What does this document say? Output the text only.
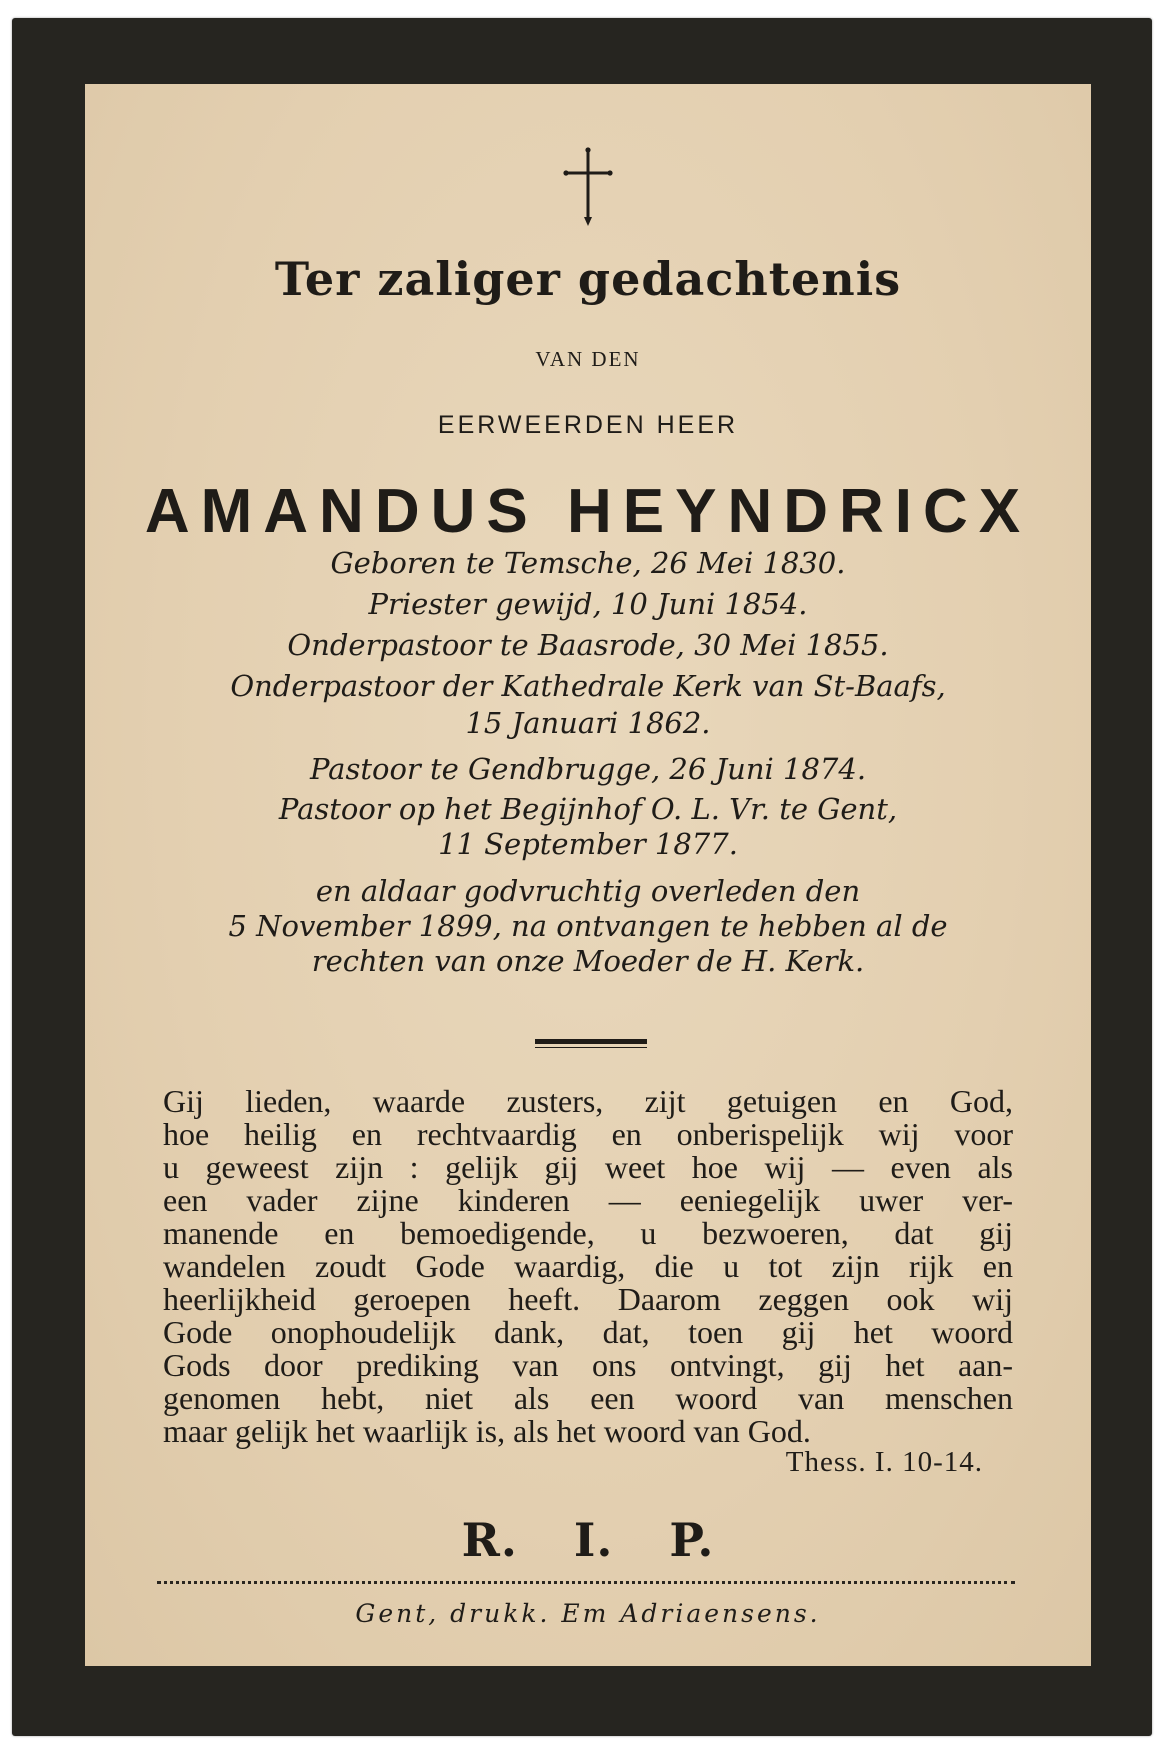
Ter zaliger gedachtenis

VAN DEN

EERWEERDEN HEER

AMANDUS HEYNDRICX

Geboren te Temsche, 26 Mei 1830.

Priester gewijd, 10 Juni 1854.

Onderpastoor te Baasrode, 30 Mei 1855.

Onderpastoor der Kathedrale Kerk van St-Baafs,

15 Januari 1862.

Pastoor te Gendbrugge, 26 Juni 1874.

Pastoor op het Begijnhof O. L. Vr. te Gent,

11 September 1877.

en aldaar godvruchtig overleden den

5 November 1899, na ontvangen te hebben al de

rechten van onze Moeder de H. Kerk.

Gij lieden, waarde zusters, zijt getuigen en God,

hoe heilig en rechtvaardig en onberispelijk wij voor

u geweest zijn : gelijk gij weet hoe wij — even als

een vader zijne kinderen — eeniegelijk uwer ver-

manende en bemoedigende, u bezwoeren, dat gij

wandelen zoudt Gode waardig, die u tot zijn rijk en

heerlijkheid geroepen heeft. Daarom zeggen ook wij

Gode onophoudelijk dank, dat, toen gij het woord

Gods door prediking van ons ontvingt, gij het aan-

genomen hebt, niet als een woord van menschen

maar gelijk het waarlijk is, als het woord van God.

Thess. I. 10-14.

R. I. P.

Gent, drukk. Em Adriaensens.
